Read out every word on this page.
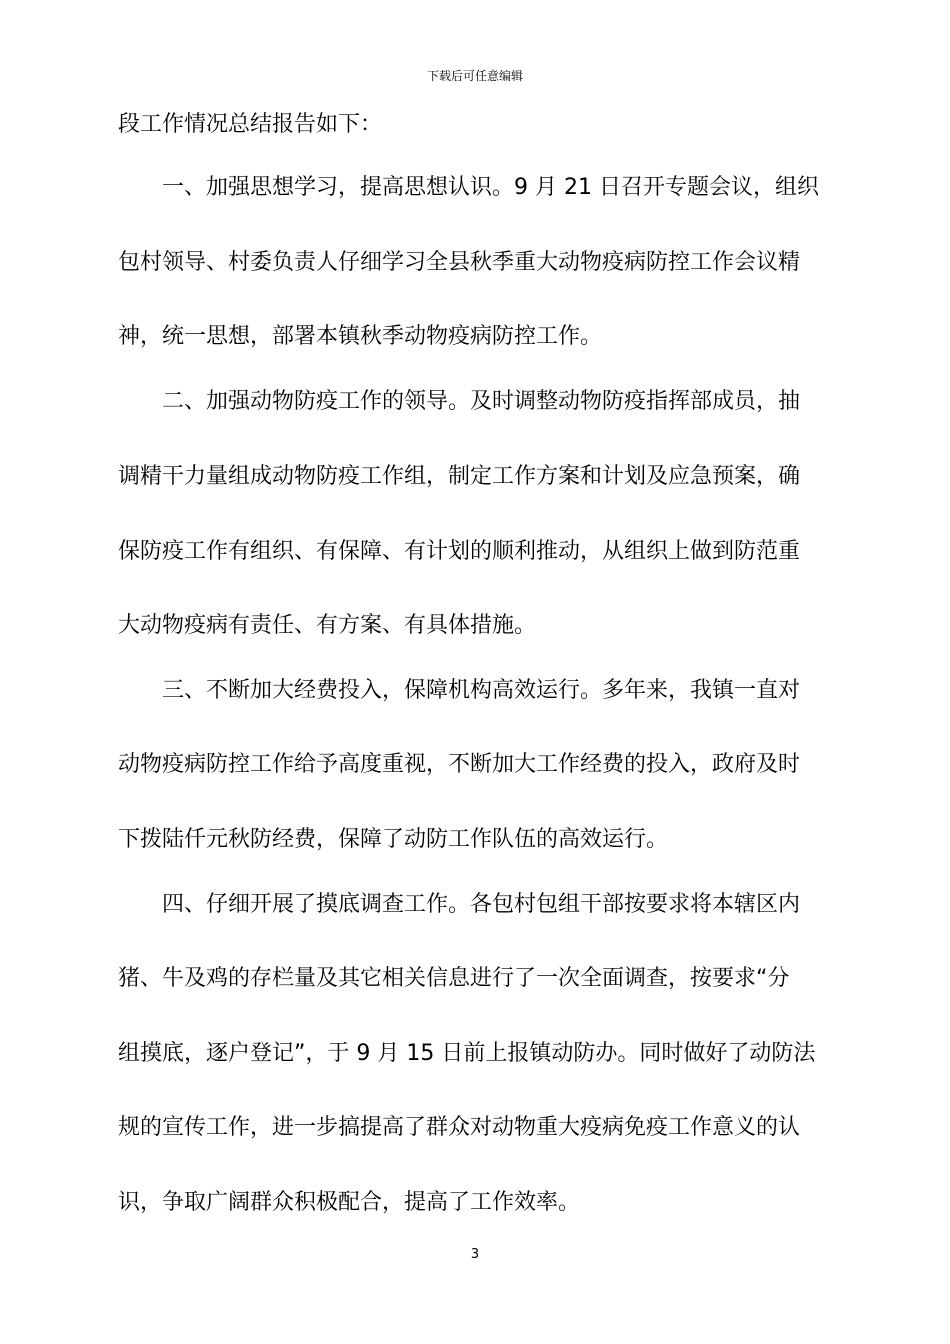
下载后可任意编辑
段工作情况总结报告如下：
一、加强思想学习，提高思想认识。9 月 21 日召开专题会议，组织
包村领导、村委负责人仔细学习全县秋季重大动物疫病防控工作会议精
神，统一思想，部署本镇秋季动物疫病防控工作。
二、加强动物防疫工作的领导。及时调整动物防疫指挥部成员，抽
调精干力量组成动物防疫工作组，制定工作方案和计划及应急预案，确
保防疫工作有组织、有保障、有计划的顺利推动，从组织上做到防范重
大动物疫病有责任、有方案、有具体措施。
三、不断加大经费投入，保障机构高效运行。多年来，我镇一直对
动物疫病防控工作给予高度重视，不断加大工作经费的投入，政府及时
下拨陆仟元秋防经费，保障了动防工作队伍的高效运行。
四、仔细开展了摸底调查工作。各包村包组干部按要求将本辖区内
猪、牛及鸡的存栏量及其它相关信息进行了一次全面调查，按要求“分
组摸底，逐户登记”，于 9 月 15 日前上报镇动防办。同时做好了动防法
规的宣传工作，进一步搞提高了群众对动物重大疫病免疫工作意义的认
识，争取广阔群众积极配合，提高了工作效率。
3
